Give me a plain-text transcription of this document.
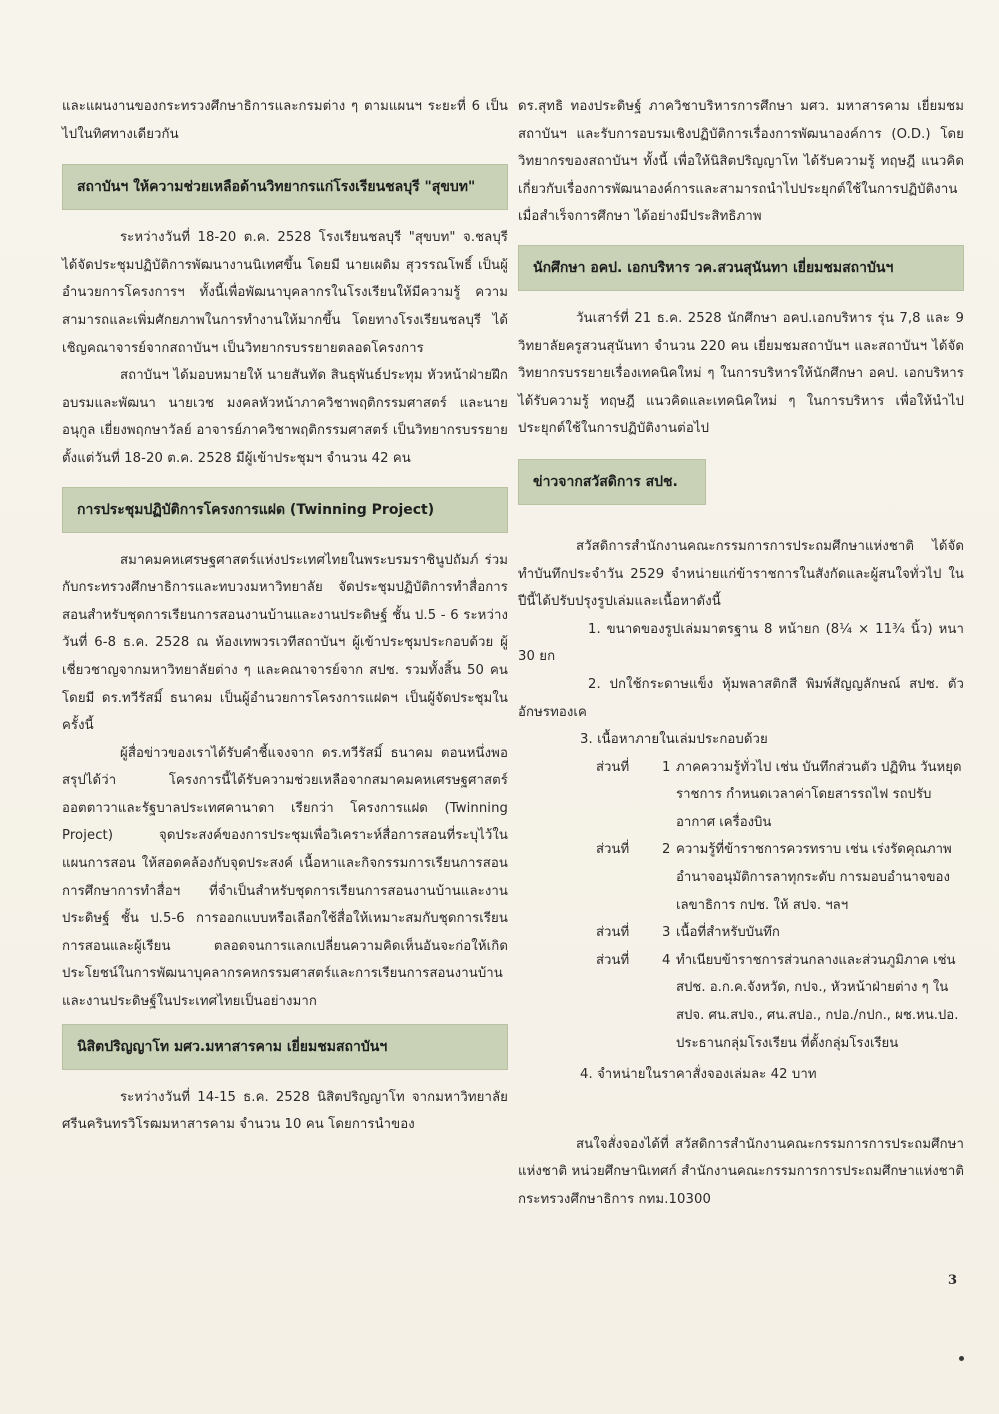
และแผนงานของกระทรวงศึกษาธิการและกรมต่าง ๆ ตามแผนฯ ระยะที่ 6 เป็นไปในทิศทางเดียวกัน

สถาบันฯ ให้ความช่วยเหลือด้านวิทยากรแก่โรงเรียนชลบุรี "สุขบท"

ระหว่างวันที่ 18-20 ต.ค. 2528 โรงเรียนชลบุรี "สุขบท" จ.ชลบุรี ได้จัดประชุมปฏิบัติการพัฒนางานนิเทศขึ้น โดยมี นายเผดิม สุวรรณโพธิ์ เป็นผู้อำนวยการโครงการฯ ทั้งนี้เพื่อพัฒนาบุคลากรในโรงเรียนให้มีความรู้ ความสามารถและเพิ่มศักยภาพในการทำงานให้มากขึ้น โดยทางโรงเรียนชลบุรี ได้เชิญคณาจารย์จากสถาบันฯ เป็นวิทยากรบรรยายตลอดโครงการ

สถาบันฯ ได้มอบหมายให้ นายสันทัด สินธุพันธ์ประทุม หัวหน้าฝ่ายฝึกอบรมและพัฒนา นายเวช มงคลหัวหน้าภาควิชาพฤติกรรมศาสตร์ และนายอนุกูล เยี่ยงพฤกษาวัลย์ อาจารย์ภาควิชาพฤติกรรมศาสตร์ เป็นวิทยากรบรรยาย ตั้งแต่วันที่ 18-20 ต.ค. 2528 มีผู้เข้าประชุมฯ จำนวน 42 คน

การประชุมปฏิบัติการโครงการแฝด (Twinning Project)

สมาคมคหเศรษฐศาสตร์แห่งประเทศไทยในพระบรมราชินูปถัมภ์ ร่วมกับกระทรวงศึกษาธิการและทบวงมหาวิทยาลัย จัดประชุมปฏิบัติการทำสื่อการสอนสำหรับชุดการเรียนการสอนงานบ้านและงานประดิษฐ์ ชั้น ป.5 - 6 ระหว่างวันที่ 6-8 ธ.ค. 2528 ณ ห้องเทพวรเวทีสถาบันฯ ผู้เข้าประชุมประกอบด้วย ผู้เชี่ยวชาญจากมหาวิทยาลัยต่าง ๆ และคณาจารย์จาก สปช. รวมทั้งสิ้น 50 คน โดยมี ดร.ทวีรัสมิ์ ธนาคม เป็นผู้อำนวยการโครงการแฝดฯ เป็นผู้จัดประชุมในครั้งนี้

ผู้สื่อข่าวของเราได้รับคำชี้แจงจาก ดร.ทวีรัสมิ์ ธนาคม ตอนหนึ่งพอสรุปได้ว่า โครงการนี้ได้รับความช่วยเหลือจากสมาคมคหเศรษฐศาสตร์ออตตาวาและรัฐบาลประเทศคานาดา เรียกว่า โครงการแฝด (Twinning Project) จุดประสงค์ของการประชุมเพื่อวิเคราะห์สื่อการสอนที่ระบุไว้ในแผนการสอน ให้สอดคล้องกับจุดประสงค์ เนื้อหาและกิจกรรมการเรียนการสอน การศึกษาการทำสื่อฯ ที่จำเป็นสำหรับชุดการเรียนการสอนงานบ้านและงานประดิษฐ์ ชั้น ป.5-6 การออกแบบหรือเลือกใช้สื่อให้เหมาะสมกับชุดการเรียนการสอนและผู้เรียน ตลอดจนการแลกเปลี่ยนความคิดเห็นอันจะก่อให้เกิดประโยชน์ในการพัฒนาบุคลากรคหกรรมศาสตร์และการเรียนการสอนงานบ้านและงานประดิษฐ์ในประเทศไทยเป็นอย่างมาก

นิสิตปริญญาโท มศว.มหาสารคาม เยี่ยมชมสถาบันฯ

ระหว่างวันที่ 14-15 ธ.ค. 2528 นิสิตปริญญาโท จากมหาวิทยาลัยศรีนครินทรวิโรฒมหาสารคาม จำนวน 10 คน โดยการนำของ

ดร.สุทธิ ทองประดิษฐ์ ภาควิชาบริหารการศึกษา มศว. มหาสารคาม เยี่ยมชมสถาบันฯ และรับการอบรมเชิงปฏิบัติการเรื่องการพัฒนาองค์การ (O.D.) โดยวิทยากรของสถาบันฯ ทั้งนี้ เพื่อให้นิสิตปริญญาโท ได้รับความรู้ ทฤษฎี แนวคิด เกี่ยวกับเรื่องการพัฒนาองค์การและสามารถนำไปประยุกต์ใช้ในการปฏิบัติงานเมื่อสำเร็จการศึกษา ได้อย่างมีประสิทธิภาพ

นักศึกษา อคป. เอกบริหาร วค.สวนสุนันทา เยี่ยมชมสถาบันฯ

วันเสาร์ที่ 21 ธ.ค. 2528 นักศึกษา อคป.เอกบริหาร รุ่น 7,8 และ 9 วิทยาลัยครูสวนสุนันทา จำนวน 220 คน เยี่ยมชมสถาบันฯ และสถาบันฯ ได้จัดวิทยากรบรรยายเรื่องเทคนิคใหม่ ๆ ในการบริหารให้นักศึกษา อคป. เอกบริหาร ได้รับความรู้ ทฤษฎี แนวคิดและเทคนิคใหม่ ๆ ในการบริหาร เพื่อให้นำไปประยุกต์ใช้ในการปฏิบัติงานต่อไป

ข่าวจากสวัสดิการ สปช.

สวัสดิการสำนักงานคณะกรรมการการประถมศึกษาแห่งชาติ ได้จัดทำบันทึกประจำวัน 2529 จำหน่ายแก่ข้าราชการในสังกัดและผู้สนใจทั่วไป ในปีนี้ได้ปรับปรุงรูปเล่มและเนื้อหาดังนี้

1. ขนาดของรูปเล่มมาตรฐาน 8 หน้ายก (8¼ × 11¾ นิ้ว) หนา 30 ยก

2. ปกใช้กระดาษแข็ง หุ้มพลาสติกสี พิมพ์สัญญลักษณ์ สปช. ตัวอักษรทองเค

3. เนื้อหาภายในเล่มประกอบด้วย

ส่วนที่	1 ภาคความรู้ทั่วไป เช่น บันทึกส่วนตัว ปฏิทิน วันหยุดราชการ กำหนดเวลาค่าโดยสารรถไฟ รถปรับอากาศ เครื่องบิน
ส่วนที่	2 ความรู้ที่ข้าราชการควรทราบ เช่น เร่งรัดคุณภาพ อำนาจอนุมัติการลาทุกระดับ การมอบอำนาจของเลขาธิการ กปช. ให้ สปจ. ฯลฯ
ส่วนที่	3 เนื้อที่สำหรับบันทึก
ส่วนที่	4 ทำเนียบข้าราชการส่วนกลางและส่วนภูมิภาค เช่น สปช. อ.ก.ค.จังหวัด, กปจ., หัวหน้าฝ่ายต่าง ๆ ใน สปจ. ศน.สปจ., ศน.สปอ., กปอ./กปก., ผช.หน.ปอ. ประธานกลุ่มโรงเรียน ที่ตั้งกลุ่มโรงเรียน

4. จำหน่ายในราคาสั่งจองเล่มละ 42 บาท

สนใจสั่งจองได้ที่ สวัสดิการสำนักงานคณะกรรมการการประถมศึกษาแห่งชาติ หน่วยศึกษานิเทศก์ สำนักงานคณะกรรมการการประถมศึกษาแห่งชาติ กระทรวงศึกษาธิการ กทม.10300

3
